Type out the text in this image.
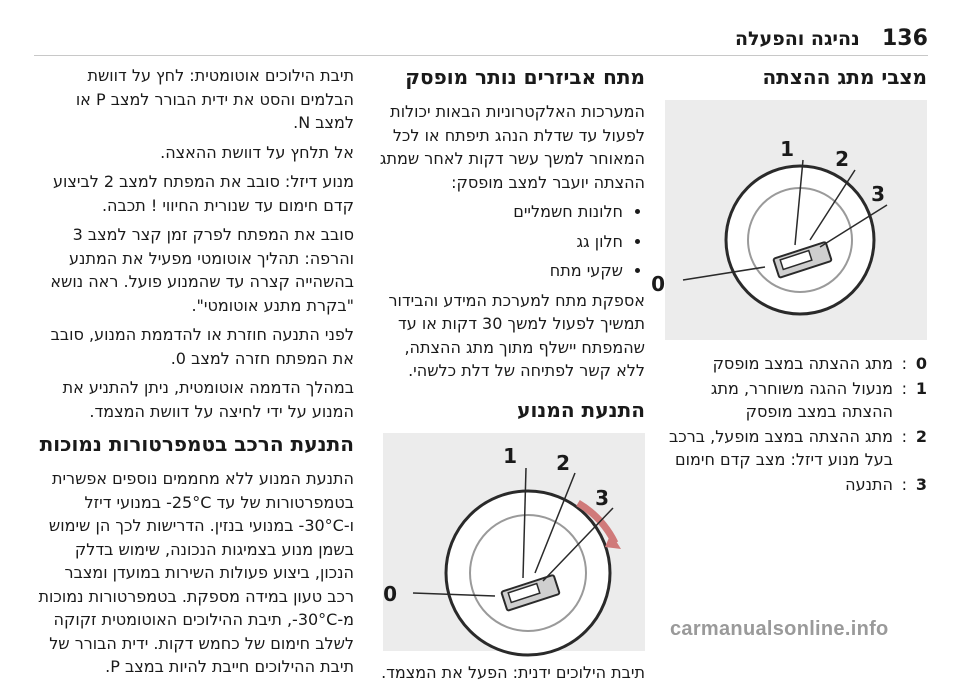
136
נהיגה והפעלה
מצבי מתג ההצתה
0
1 2
3
0
:
מתג ההצתה במצב מופסק
1
:
מנעול ההגה משוחרר, מתג ההצתה במצב מופסק
2
:
מתג ההצתה במצב מופעל, ברכב בעל מנוע דיזל: מצב קדם חימום
3
:
התנעה
מתח אביזרים נותר מופסק

המערכות האלקטרוניות הבאות יכולות לפעול עד שדלת הנהג תיפתח או לכל המאוחר למשך עשר דקות לאחר שמתג ההצתה יועבר למצב מופסק:

• חלונות חשמליים
• חלון גג
• שקעי מתח

אספקת מתח למערכת המידע והבידור תמשיך לפעול למשך 30 דקות או עד שהמפתח יישלף מתוך מתג ההצתה, ללא קשר לפתיחה של דלת כלשהי.

התנעת המנוע
0
1 2
3

תיבת הילוכים ידנית: הפעל את המצמד.

תיבת הילוכים אוטומטית: לחץ על דוושת הבלמים והסט את ידית הבורר למצב P או למצב N.

אל תלחץ על דוושת ההאצה.

מנוע דיזל: סובב את המפתח למצב 2 לביצוע קדם חימום עד שנורית החיווי ! תכבה.

סובב את המפתח לפרק זמן קצר למצב 3 והרפה: תהליך אוטומטי מפעיל את המתנע בהשהייה קצרה עד שהמנוע פועל. ראה נושא "בקרת מתנע אוטומטי".

לפני התנעה חוזרת או להדממת המנוע, סובב את המפתח חזרה למצב 0.

במהלך הדממה אוטומטית, ניתן להתניע את המנוע על ידי לחיצה על דוושת המצמד.

התנעת הרכב בטמפרטורות נמוכות

התנעת המנוע ללא מחממים נוספים אפשרית בטמפרטורות של עד ‎-25°C במנועי דיזל ו-‎-30°C במנועי בנזין. הדרישות לכך הן שימוש בשמן מנוע בצמיגות הנכונה, שימוש בדלק הנכון, ביצוע פעולות השירות במועדן ומצבר רכב טעון במידה מספקת. בטמפרטורות נמוכות מ-‎-30°C, תיבת ההילוכים האוטומטית זקוקה לשלב חימום של כחמש דקות. ידית הבורר של תיבת ההילוכים חייבת להיות במצב P.

carmanualsonline.info
